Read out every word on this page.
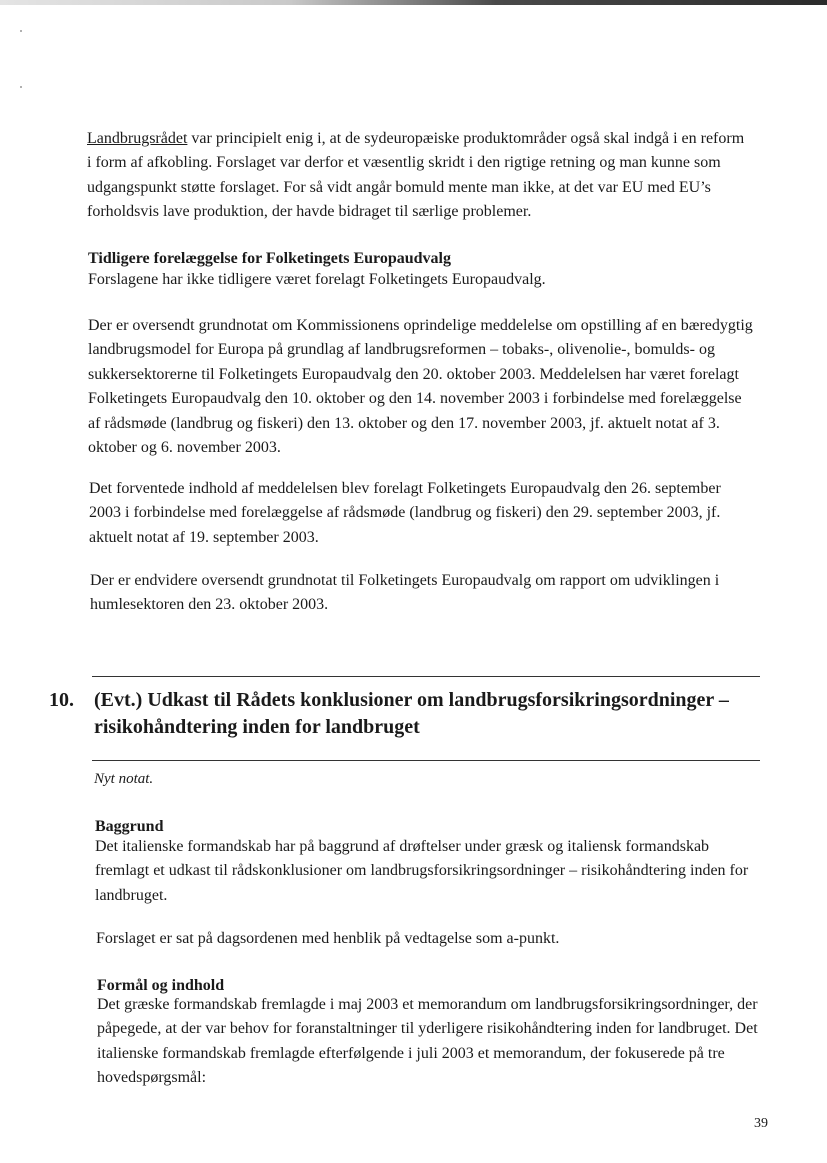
Landbrugsrådet var principielt enig i, at de sydeuropæiske produktområder også skal indgå i en reform i form af afkobling. Forslaget var derfor et væsentlig skridt i den rigtige retning og man kunne som udgangspunkt støtte forslaget. For så vidt angår bomuld mente man ikke, at det var EU med EU’s forholdsvis lave produktion, der havde bidraget til særlige problemer.

Tidligere forelæggelse for Folketingets Europaudvalg

Forslagene har ikke tidligere været forelagt Folketingets Europaudvalg.

Der er oversendt grundnotat om Kommissionens oprindelige meddelelse om opstilling af en bæredygtig landbrugsmodel for Europa på grundlag af landbrugsreformen – tobaks-, olivenolie-, bomulds- og sukkersektorerne til Folketingets Europaudvalg den 20. oktober 2003. Meddelelsen har været forelagt Folketingets Europaudvalg den 10. oktober og den 14. november 2003 i forbindelse med forelæggelse af rådsmøde (landbrug og fiskeri) den 13. oktober og den 17. november 2003, jf. aktuelt notat af 3. oktober og 6. november 2003.

Det forventede indhold af meddelelsen blev forelagt Folketingets Europaudvalg den 26. september 2003 i forbindelse med forelæggelse af rådsmøde (landbrug og fiskeri) den 29. september 2003, jf. aktuelt notat af 19. september 2003.

Der er endvidere oversendt grundnotat til Folketingets Europaudvalg om rapport om udviklingen i humlesektoren den 23. oktober 2003.

10. (Evt.) Udkast til Rådets konklusioner om landbrugsforsikringsordninger – risikohåndtering inden for landbruget

Nyt notat.

Baggrund

Det italienske formandskab har på baggrund af drøftelser under græsk og italiensk formandskab fremlagt et udkast til rådskonklusioner om landbrugsforsikringsordninger – risikohåndtering inden for landbruget.

Forslaget er sat på dagsordenen med henblik på vedtagelse som a-punkt.

Formål og indhold

Det græske formandskab fremlagde i maj 2003 et memorandum om landbrugsforsikringsordninger, der påpegede, at der var behov for foranstaltninger til yderligere risikohåndtering inden for landbruget. Det italienske formandskab fremlagde efterfølgende i juli 2003 et memorandum, der fokuserede på tre hovedspørgsmål:

39
